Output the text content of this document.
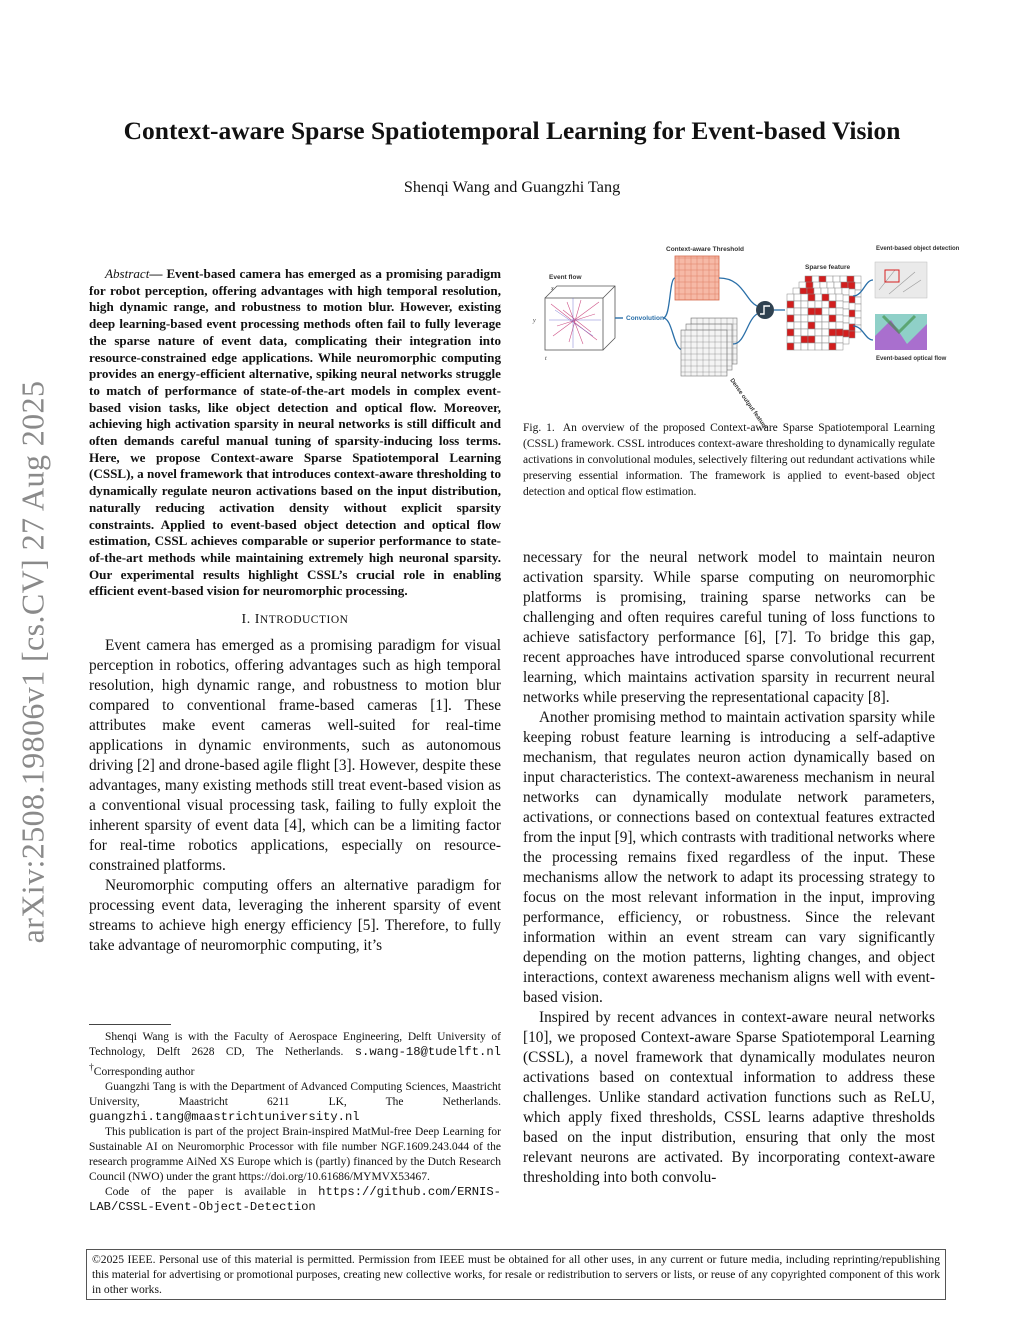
arXiv:2508.19806v1 [cs.CV] 27 Aug 2025
Context-aware Sparse Spatiotemporal Learning for Event-based Vision
Shenqi Wang and Guangzhi Tang

Abstract— Event-based camera has emerged as a promising paradigm for robot perception, offering advantages with high temporal resolution, high dynamic range, and robustness to motion blur. However, existing deep learning-based event processing methods often fail to fully leverage the sparse nature of event data, complicating their integration into resource-constrained edge applications. While neuromorphic computing provides an energy-efficient alternative, spiking neural networks struggle to match of performance of state-of-the-art models in complex event-based vision tasks, like object detection and optical flow. Moreover, achieving high activation sparsity in neural networks is still difficult and often demands careful manual tuning of sparsity-inducing loss terms. Here, we propose Context-aware Sparse Spatiotemporal Learning (CSSL), a novel framework that introduces context-aware thresholding to dynamically regulate neuron activations based on the input distribution, naturally reducing activation density without explicit sparsity constraints. Applied to event-based object detection and optical flow estimation, CSSL achieves comparable or superior performance to state-of-the-art methods while maintaining extremely high neuronal sparsity. Our experimental results highlight CSSL’s crucial role in enabling efficient event-based vision for neuromorphic processing.

I. INTRODUCTION

Event camera has emerged as a promising paradigm for visual perception in robotics, offering advantages such as high temporal resolution, high dynamic range, and robustness to motion blur compared to conventional frame-based cameras [1]. These attributes make event cameras well-suited for real-time applications in dynamic environments, such as autonomous driving [2] and drone-based agile flight [3]. However, despite these advantages, many existing methods still treat event-based vision as a conventional visual processing task, failing to fully exploit the inherent sparsity of event data [4], which can be a limiting factor for real-time robotics applications, especially on resource-constrained platforms.

Neuromorphic computing offers an alternative paradigm for processing event data, leveraging the inherent sparsity of event streams to achieve high energy efficiency [5]. Therefore, to fully take advantage of neuromorphic computing, it’s

Shenqi Wang is with the Faculty of Aerospace Engineering, Delft University of Technology, Delft 2628 CD, The Netherlands. s.wang-18@tudelft.nl †Corresponding author

Guangzhi Tang is with the Department of Advanced Computing Sciences, Maastricht University, Maastricht 6211 LK, The Netherlands. guangzhi.tang@maastrichtuniversity.nl

This publication is part of the project Brain-inspired MatMul-free Deep Learning for Sustainable AI on Neuromorphic Processor with file number NGF.1609.243.044 of the research programme AiNed XS Europe which is (partly) financed by the Dutch Research Council (NWO) under the grant https://doi.org/10.61686/MYMVX53467.

Code of the paper is available in https://github.com/ERNIS-LAB/CSSL-Event-Object-Detection

Context-aware Threshold
Event flow
x
y
t
Convolution
Dense output feature
Sparse feature
Event-based object detection
Event-based optical flow
Fig. 1. An overview of the proposed Context-aware Sparse Spatiotemporal Learning (CSSL) framework. CSSL introduces context-aware thresholding to dynamically regulate activations in convolutional modules, selectively filtering out redundant activations while preserving essential information. The framework is applied to event-based object detection and optical flow estimation.

necessary for the neural network model to maintain neuron activation sparsity. While sparse computing on neuromorphic platforms is promising, training sparse networks can be challenging and often requires careful tuning of loss functions to achieve satisfactory performance [6], [7]. To bridge this gap, recent approaches have introduced sparse convolutional recurrent learning, which maintains activation sparsity in recurrent neural networks while preserving the representational capacity [8].

Another promising method to maintain activation sparsity while keeping robust feature learning is introducing a self-adaptive mechanism, that regulates neuron action dynamically based on input characteristics. The context-awareness mechanism in neural networks can dynamically modulate network parameters, activations, or connections based on contextual features extracted from the input [9], which contrasts with traditional networks where the processing remains fixed regardless of the input. These mechanisms allow the network to adapt its processing strategy to focus on the most relevant information in the input, improving performance, efficiency, or robustness. Since the relevant information within an event stream can vary significantly depending on the motion patterns, lighting changes, and object interactions, context awareness mechanism aligns well with event-based vision.

Inspired by recent advances in context-aware neural networks [10], we proposed Context-aware Sparse Spatiotemporal Learning (CSSL), a novel framework that dynamically modulates neuron activations based on contextual information to address these challenges. Unlike standard activation functions such as ReLU, which apply fixed thresholds, CSSL learns adaptive thresholds based on the input distribution, ensuring that only the most relevant neurons are activated. By incorporating context-aware thresholding into both convolu-

©2025 IEEE. Personal use of this material is permitted. Permission from IEEE must be obtained for all other uses, in any current or future media, including reprinting/republishing this material for advertising or promotional purposes, creating new collective works, for resale or redistribution to servers or lists, or reuse of any copyrighted component of this work in other works.
